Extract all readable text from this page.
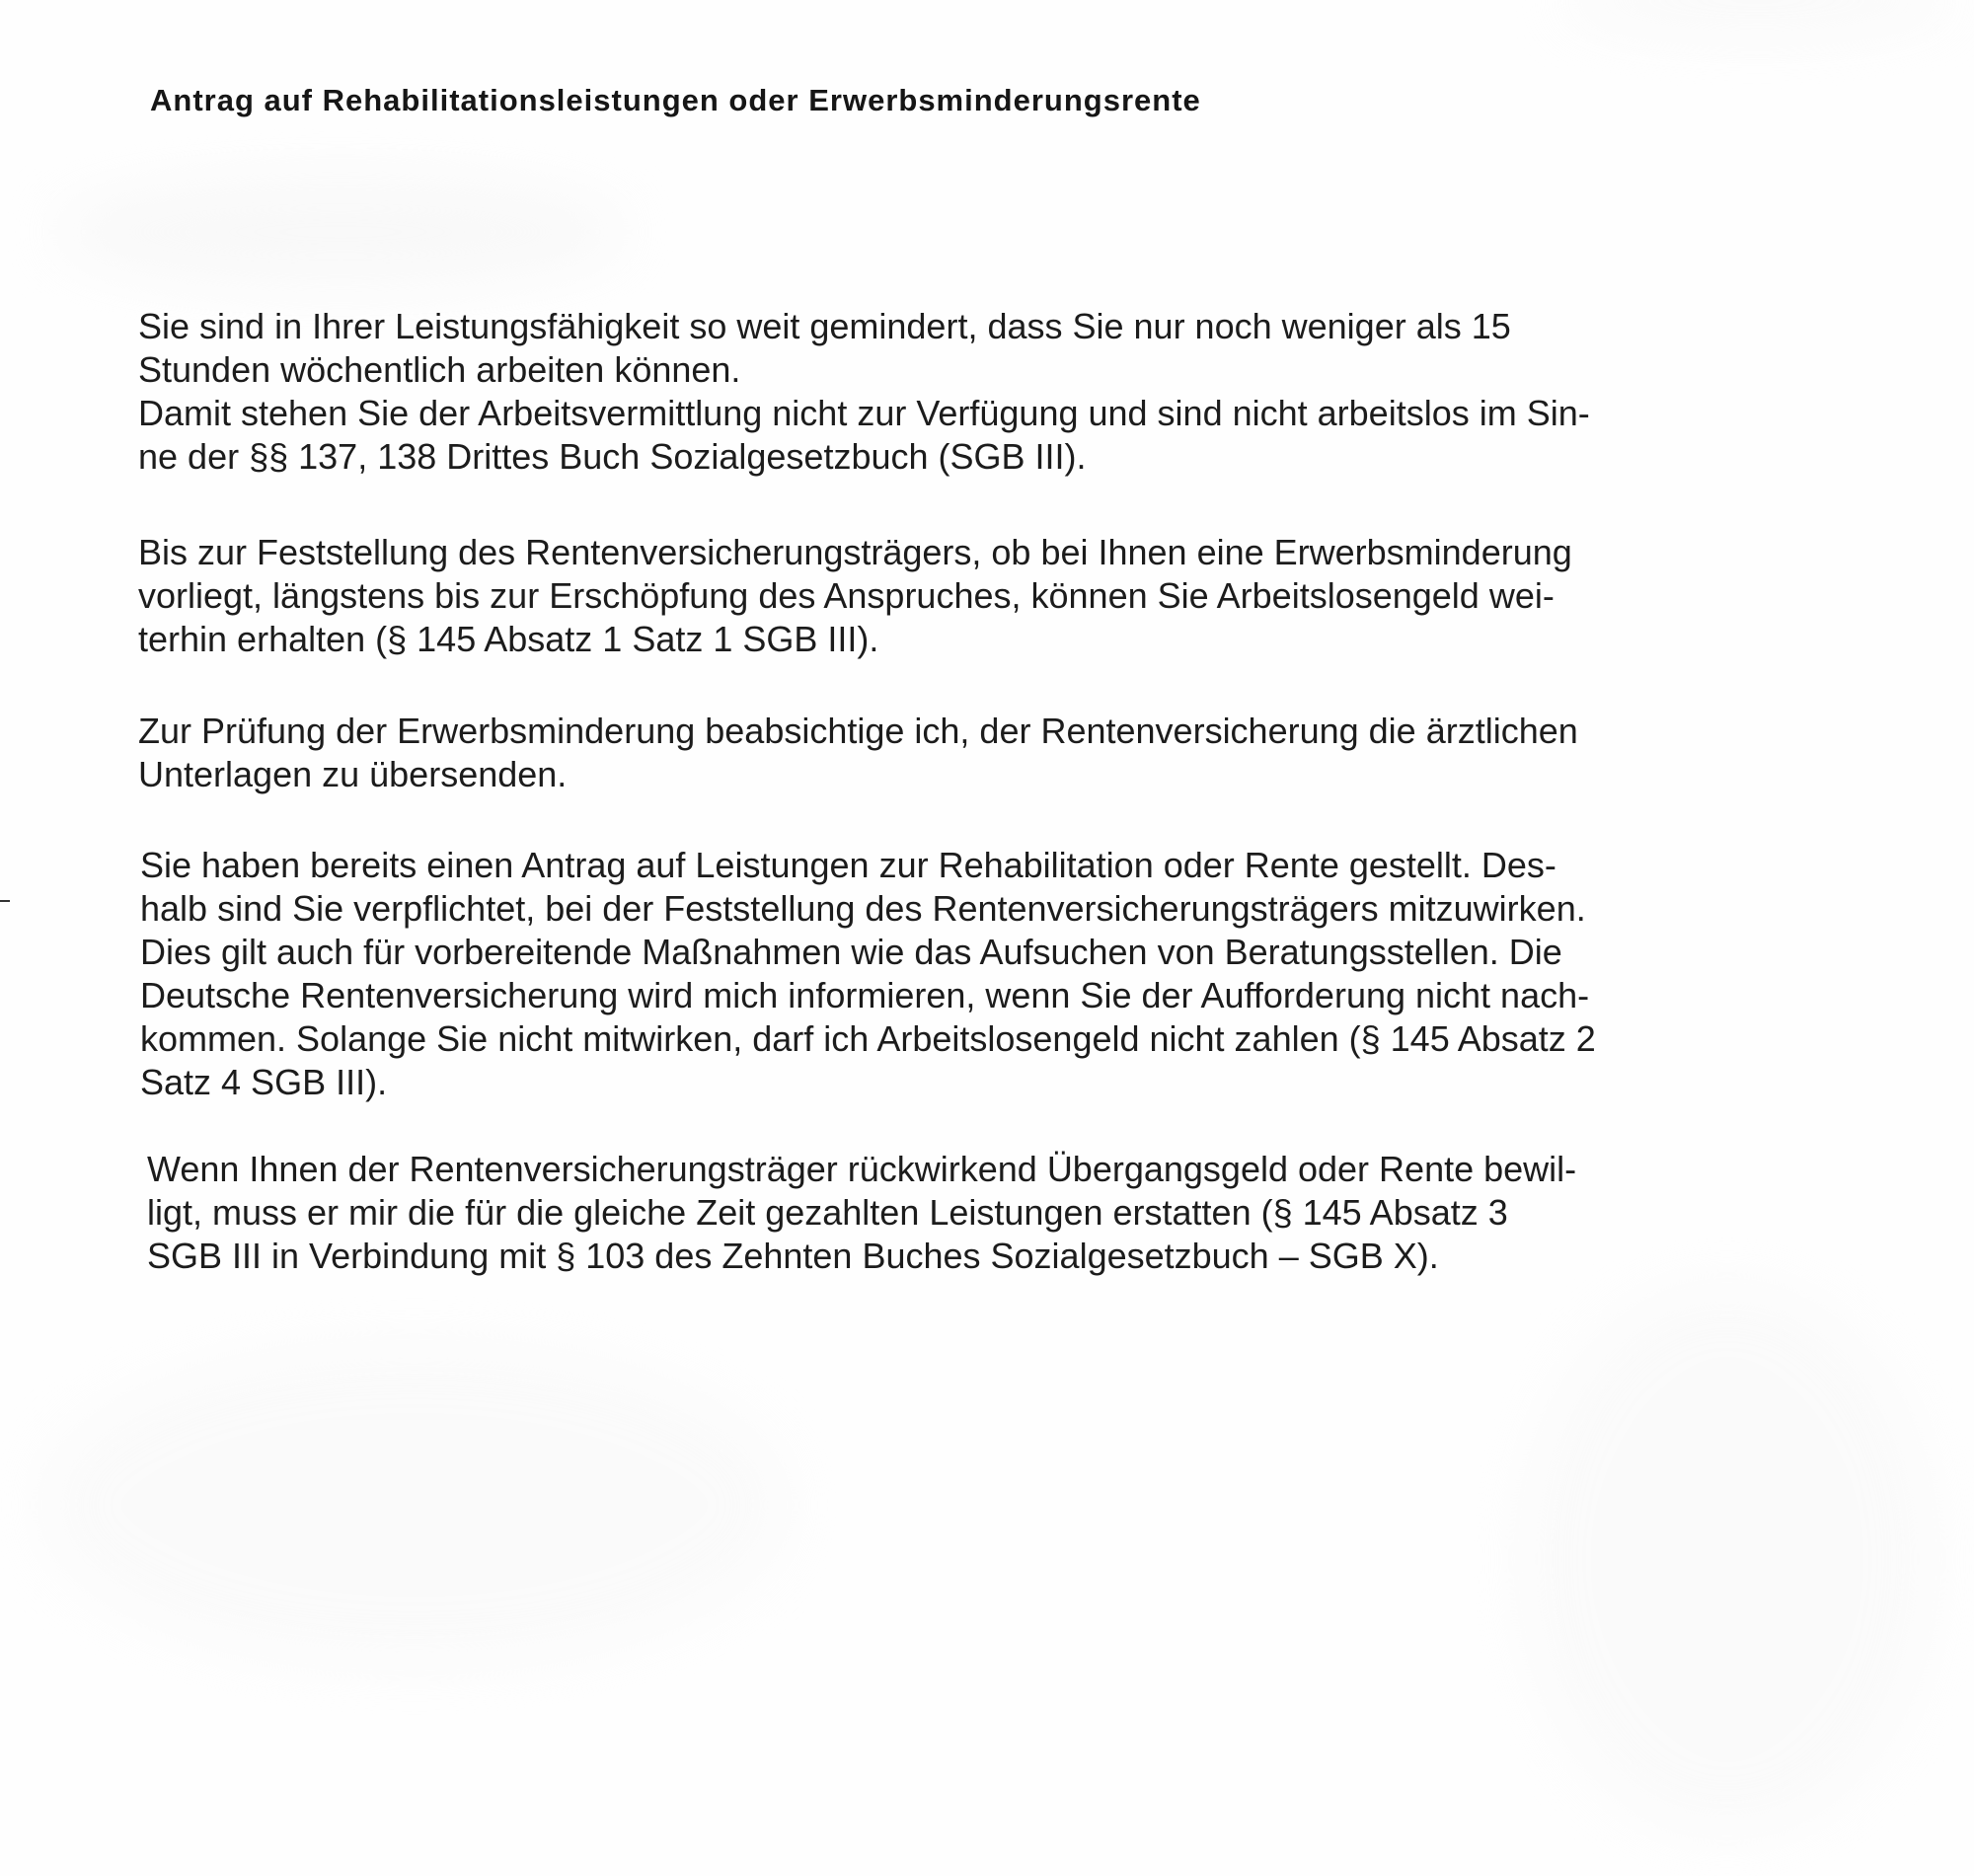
Antrag auf Rehabilitationsleistungen oder Erwerbsminderungsrente

Sie sind in Ihrer Leistungsfähigkeit so weit gemindert, dass Sie nur noch weniger als 15
Stunden wöchentlich arbeiten können.
Damit stehen Sie der Arbeitsvermittlung nicht zur Verfügung und sind nicht arbeitslos im Sin-
ne der §§ 137, 138 Drittes Buch Sozialgesetzbuch (SGB III).

Bis zur Feststellung des Rentenversicherungsträgers, ob bei Ihnen eine Erwerbsminderung
vorliegt, längstens bis zur Erschöpfung des Anspruches, können Sie Arbeitslosengeld wei-
terhin erhalten (§ 145 Absatz 1 Satz 1 SGB III).

Zur Prüfung der Erwerbsminderung beabsichtige ich, der Rentenversicherung die ärztlichen
Unterlagen zu übersenden.

Sie haben bereits einen Antrag auf Leistungen zur Rehabilitation oder Rente gestellt. Des-
halb sind Sie verpflichtet, bei der Feststellung des Rentenversicherungsträgers mitzuwirken.
Dies gilt auch für vorbereitende Maßnahmen wie das Aufsuchen von Beratungsstellen. Die
Deutsche Rentenversicherung wird mich informieren, wenn Sie der Aufforderung nicht nach-
kommen. Solange Sie nicht mitwirken, darf ich Arbeitslosengeld nicht zahlen (§ 145 Absatz 2
Satz 4 SGB III).

Wenn Ihnen der Rentenversicherungsträger rückwirkend Übergangsgeld oder Rente bewil-
ligt, muss er mir die für die gleiche Zeit gezahlten Leistungen erstatten (§ 145 Absatz 3
SGB III in Verbindung mit § 103 des Zehnten Buches Sozialgesetzbuch – SGB X).
